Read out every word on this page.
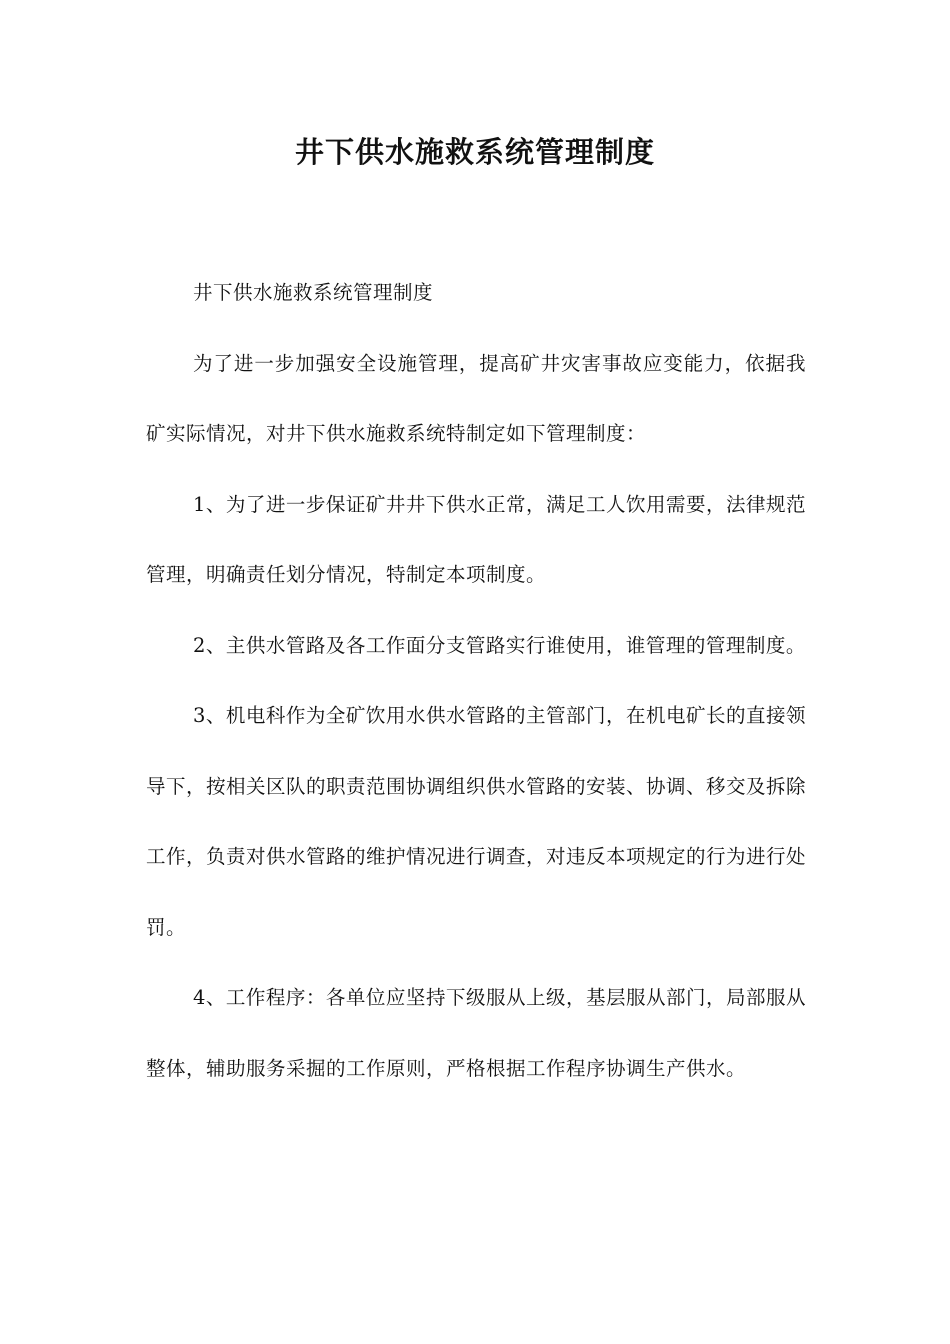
井下供水施救系统管理制度

井下供水施救系统管理制度

为了进一步加强安全设施管理，提高矿井灾害事故应变能力，依据我矿实际情况，对井下供水施救系统特制定如下管理制度：

1、为了进一步保证矿井井下供水正常，满足工人饮用需要，法律规范管理，明确责任划分情况，特制定本项制度。

2、主供水管路及各工作面分支管路实行谁使用，谁管理的管理制度。

3、机电科作为全矿饮用水供水管路的主管部门，在机电矿长的直接领导下，按相关区队的职责范围协调组织供水管路的安装、协调、移交及拆除工作，负责对供水管路的维护情况进行调查，对违反本项规定的行为进行处罚。

4、工作程序：各单位应坚持下级服从上级，基层服从部门，局部服从整体，辅助服务采掘的工作原则，严格根据工作程序协调生产供水。
